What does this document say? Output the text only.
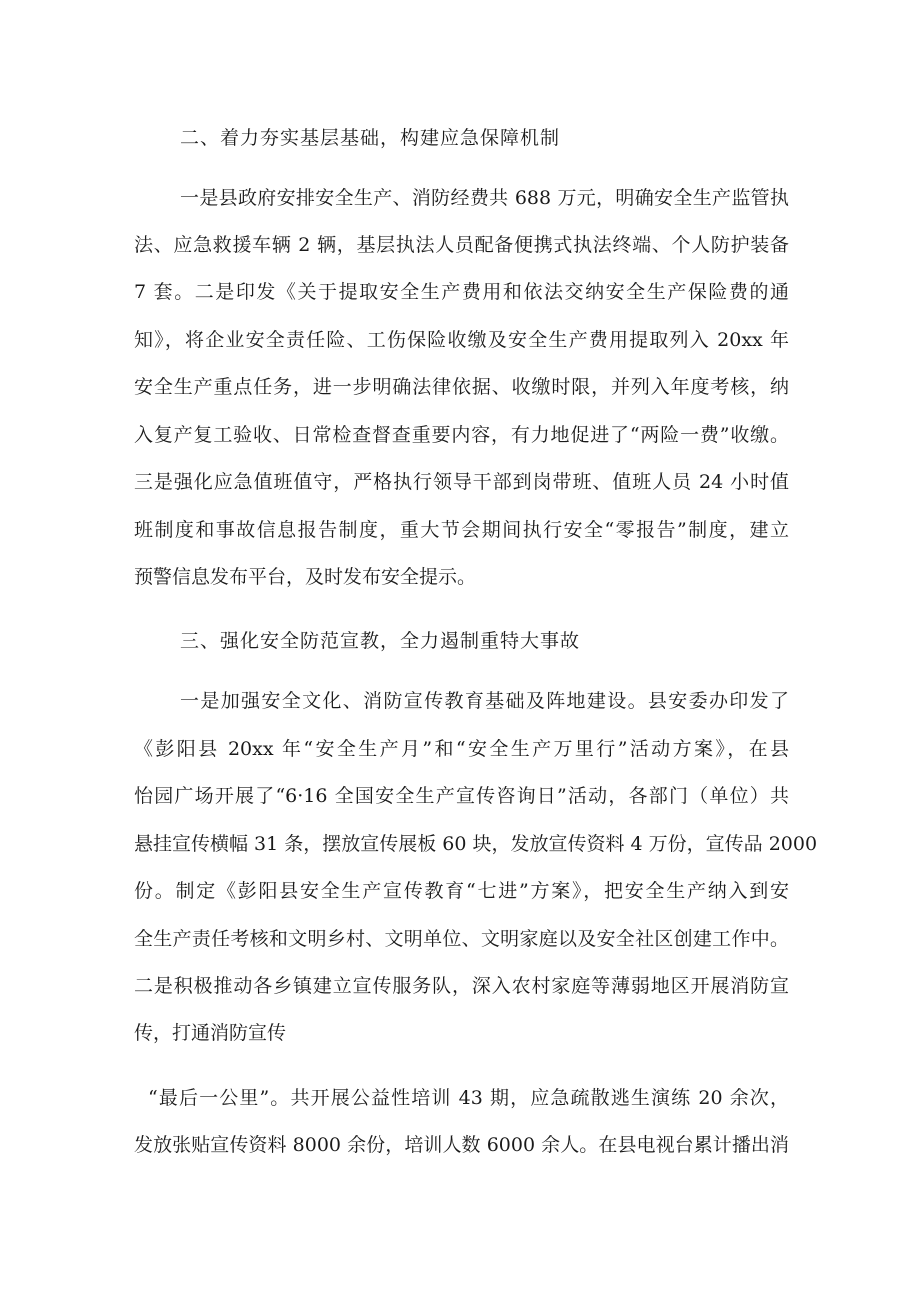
二、着力夯实基层基础，构建应急保障机制
一是县政府安排安全生产、消防经费共 688 万元，明确安全生产监管执
法、应急救援车辆 2 辆，基层执法人员配备便携式执法终端、个人防护装备
7 套。二是印发《关于提取安全生产费用和依法交纳安全生产保险费的通
知》，将企业安全责任险、工伤保险收缴及安全生产费用提取列入 20xx 年
安全生产重点任务，进一步明确法律依据、收缴时限，并列入年度考核，纳
入复产复工验收、日常检查督查重要内容，有力地促进了“两险一费”收缴。
三是强化应急值班值守，严格执行领导干部到岗带班、值班人员 24 小时值
班制度和事故信息报告制度，重大节会期间执行安全“零报告”制度，建立
预警信息发布平台，及时发布安全提示。
三、强化安全防范宣教，全力遏制重特大事故
一是加强安全文化、消防宣传教育基础及阵地建设。县安委办印发了
《彭阳县 20xx 年“安全生产月”和“安全生产万里行”活动方案》，在县
怡园广场开展了“6·16 全国安全生产宣传咨询日”活动，各部门（单位）共
悬挂宣传横幅 31 条，摆放宣传展板 60 块，发放宣传资料 4 万份，宣传品 2000
份。制定《彭阳县安全生产宣传教育“七进”方案》，把安全生产纳入到安
全生产责任考核和文明乡村、文明单位、文明家庭以及安全社区创建工作中。
二是积极推动各乡镇建立宣传服务队，深入农村家庭等薄弱地区开展消防宣
传，打通消防宣传
“最后一公里”。共开展公益性培训 43 期，应急疏散逃生演练 20 余次，
发放张贴宣传资料 8000 余份，培训人数 6000 余人。在县电视台累计播出消
